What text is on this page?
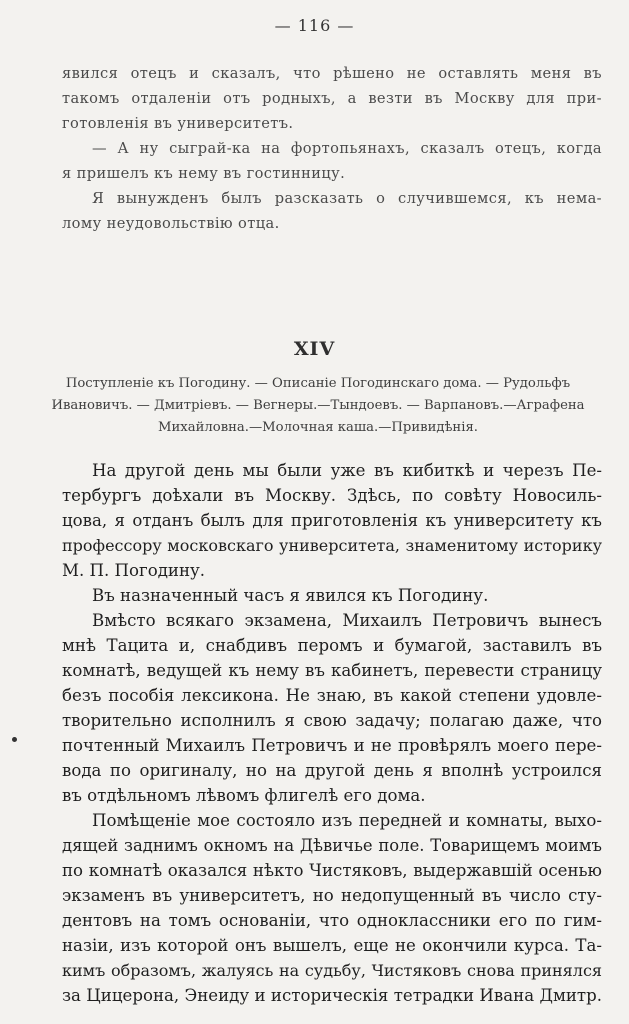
— 116 —
явился отецъ и сказалъ, что рѣшено не оставлять меня въ
такомъ отдаленіи отъ родныхъ, а везти въ Москву для при-
готовленія въ университетъ.
— А ну сыграй-ка на фортопьянахъ, сказалъ отецъ, когда
я пришелъ къ нему въ гостинницу.
Я вынужденъ былъ разсказать о случившемся, къ нема-
лому неудовольствію отца.
XIV
Поступленіе къ Погодину. — Описаніе Погодинскаго дома. — Рудольфъ
Ивановичъ. — Дмитріевъ. — Вегнеры.—Тындоевъ. — Варпановъ.—Аграфена
Михайловна.—Молочная каша.—Привидѣнія.
На другой день мы были уже въ кибиткѣ и черезъ Пе-
тербургъ доѣхали въ Москву. Здѣсь, по совѣту Новосиль-
цова, я отданъ былъ для приготовленія къ университету къ
профессору московскаго университета, знаменитому историку
М. П. Погодину.
Въ назначенный часъ я явился къ Погодину.
Вмѣсто всякаго экзамена, Михаилъ Петровичъ вынесъ
мнѣ Тацита и, снабдивъ перомъ и бумагой, заставилъ въ
комнатѣ, ведущей къ нему въ кабинетъ, перевести страницу
безъ пособія лексикона. Не знаю, въ какой степени удовле-
творительно исполнилъ я свою задачу; полагаю даже, что
почтенный Михаилъ Петровичъ и не провѣрялъ моего пере-
вода по оригиналу, но на другой день я вполнѣ устроился
въ отдѣльномъ лѣвомъ флигелѣ его дома.
Помѣщеніе мое состояло изъ передней и комнаты, выхо-
дящей заднимъ окномъ на Дѣвичье поле. Товарищемъ моимъ
по комнатѣ оказался нѣкто Чистяковъ, выдержавшій осенью
экзаменъ въ университетъ, но недопущенный въ число сту-
дентовъ на томъ основаніи, что одноклассники его по гим-
назіи, изъ которой онъ вышелъ, еще не окончили курса. Та-
кимъ образомъ, жалуясь на судьбу, Чистяковъ снова принялся
за Цицерона, Энеиду и историческія тетрадки Ивана Дмитр.
